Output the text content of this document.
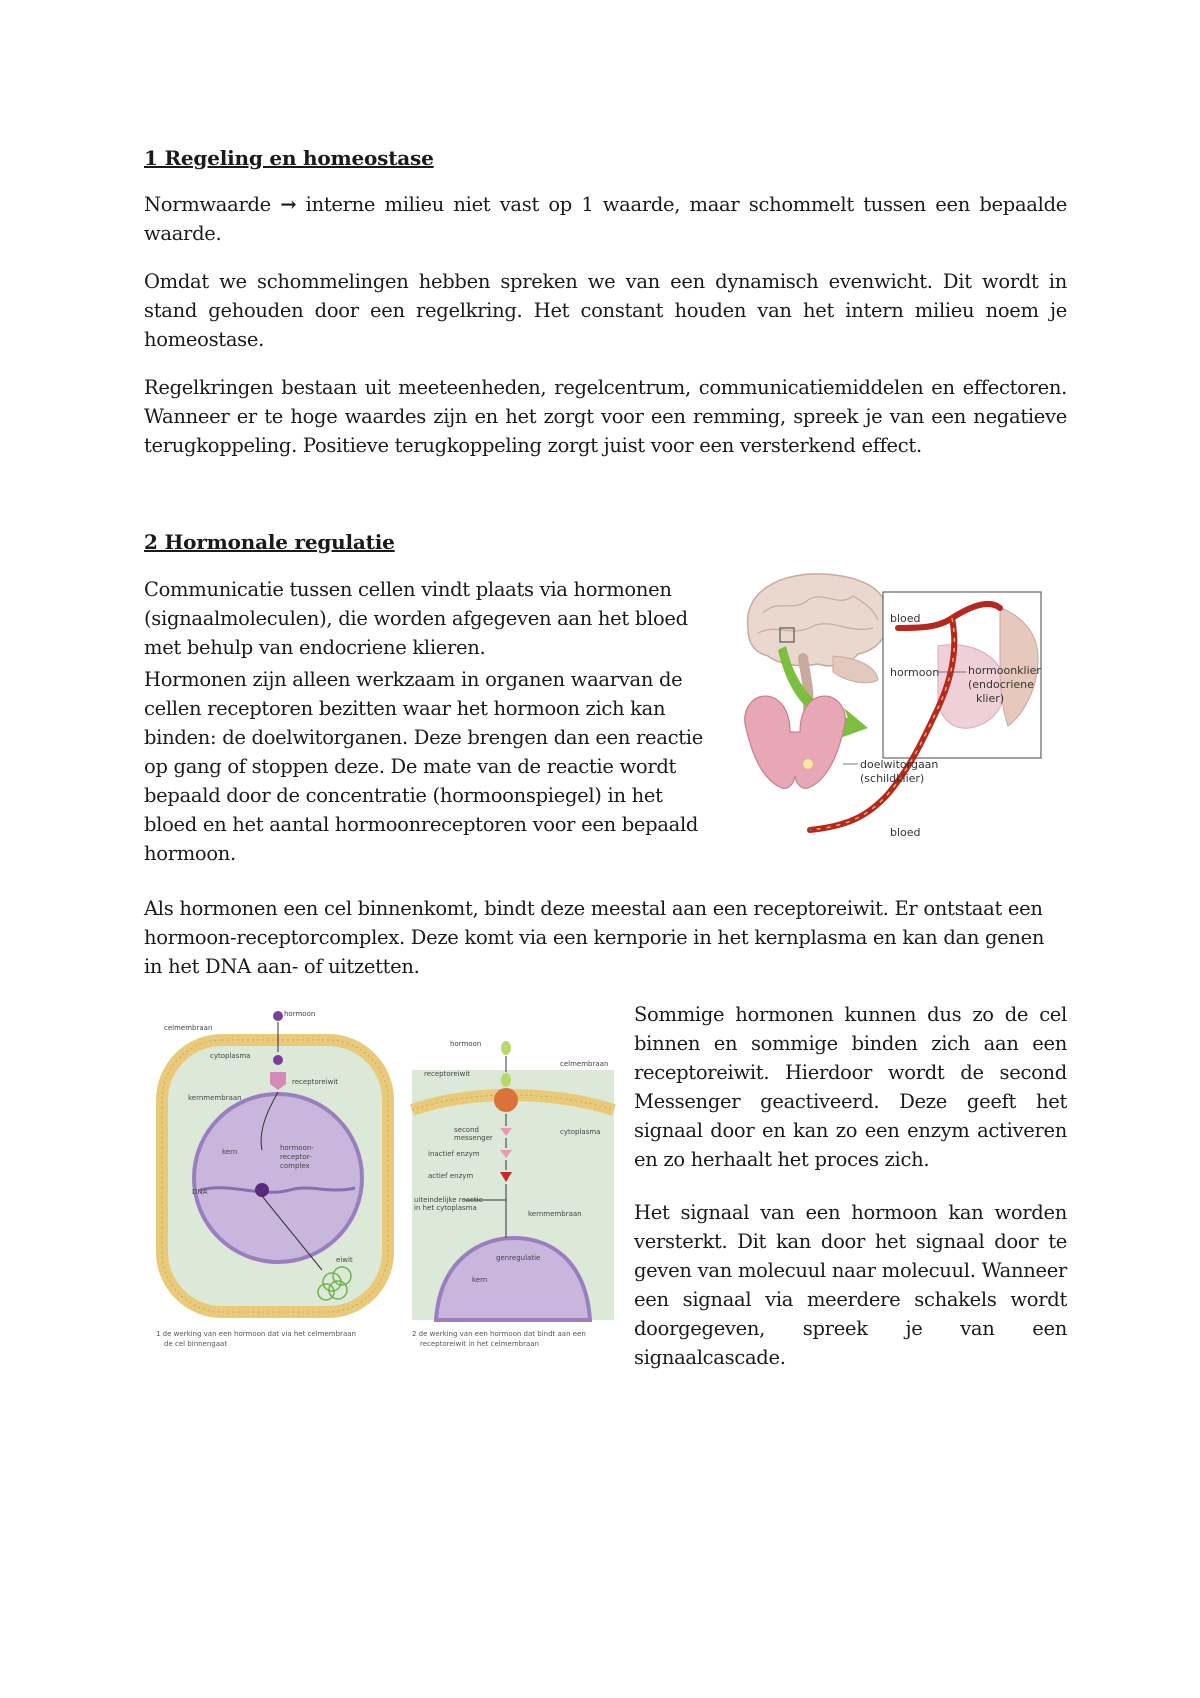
1 Regeling en homeostase

Normwaarde → interne milieu niet vast op 1 waarde, maar schommelt tussen een bepaalde waarde.

Omdat we schommelingen hebben spreken we van een dynamisch evenwicht. Dit wordt in stand gehouden door een regelkring. Het constant houden van het intern milieu noem je homeostase.

Regelkringen bestaan uit meeteenheden, regelcentrum, communicatiemiddelen en effectoren. Wanneer er te hoge waardes zijn en het zorgt voor een remming, spreek je van een negatieve terugkoppeling. Positieve terugkoppeling zorgt juist voor een versterkend effect.

2 Hormonale regulatie

Communicatie tussen cellen vindt plaats via hormonen (signaalmoleculen), die worden afgegeven aan het bloed met behulp van endocriene klieren.

Hormonen zijn alleen werkzaam in organen waarvan de cellen receptoren bezitten waar het hormoon zich kan binden: de doelwitorganen. Deze brengen dan een reactie op gang of stoppen deze. De mate van de reactie wordt bepaald door de concentratie (hormoonspiegel) in het bloed en het aantal hormoonreceptoren voor een bepaald hormoon.

Als hormonen een cel binnenkomt, bindt deze meestal aan een receptoreiwit. Er ontstaat een hormoon-receptorcomplex. Deze komt via een kernporie in het kernplasma en kan dan genen in het DNA aan- of uitzetten.

Sommige hormonen kunnen dus zo de cel binnen en sommige binden zich aan een receptoreiwit. Hierdoor wordt de second Messenger geactiveerd. Deze geeft het signaal door en kan zo een enzym activeren en zo herhaalt het proces zich.

Het signaal van een hormoon kan worden versterkt. Dit kan door het signaal door te geven van molecuul naar molecuul. Wanneer een signaal via meerdere schakels wordt doorgegeven, spreek je van een signaalcascade.

hormoon
bloed
hormoonklier
(endocriene
klier)
doelwitorgaan
(schildklier)
bloed
hormoon
celmembraan
cytoplasma
receptoreiwit
kernmembraan
kern	hormoon-
receptor-
complex
DNA
eiwit
1 de werking van een hormoon dat via het celmembraan
de cel binnengaat
hormoon
receptoreiwit
celmembraan
second
messenger
cytoplasma
inactief enzym
actief enzym
uiteindelijke reactie
in het cytoplasma
kernmembraan
genregulatie
kern
2 de werking van een hormoon dat bindt aan een
receptoreiwit in het celmembraan
